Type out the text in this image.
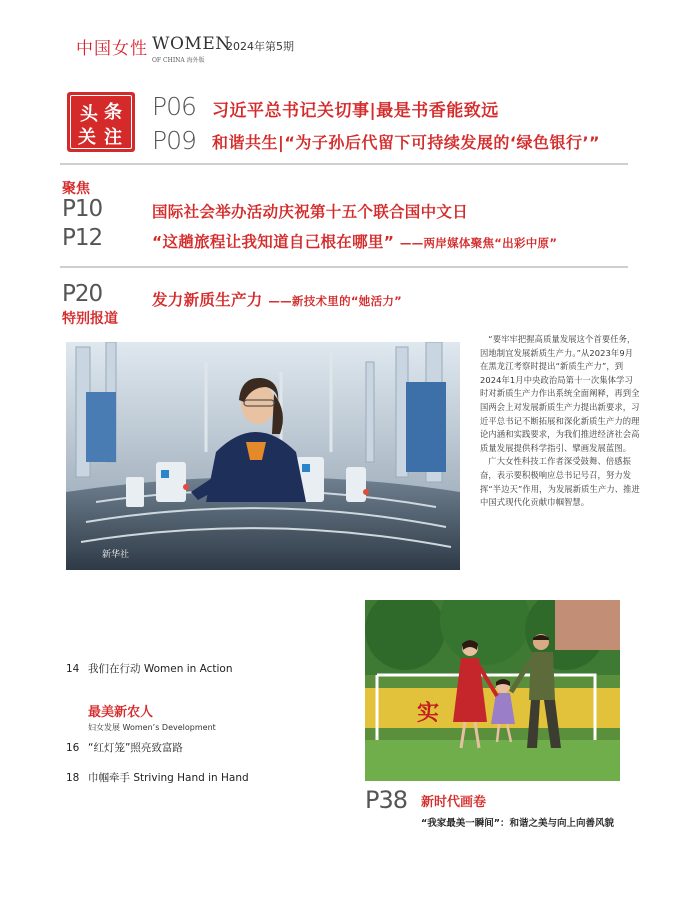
中国女性 WOMEN
OF CHINA 海外版
2024年第5期
头 条
关 注
P06 习近平总书记关切事|最是书香能致远
P09 和谐共生|“为子孙后代留下可持续发展的‘绿色银行’”
聚焦
P10	国际社会举办活动庆祝第十五个联合国中文日
P12	“这趟旅程让我知道自己根在哪里” ——两岸媒体聚焦“出彩中原”
P20
特别报道
发力新质生产力 ——新技术里的“她活力”
新华社

“要牢牢把握高质量发展这个首要任务，因地制宜发展新质生产力。”从2023年9月在黑龙江考察时提出“新质生产力”，到2024年1月中央政治局第十一次集体学习时对新质生产力作出系统全面阐释，再到全国两会上对发展新质生产力提出新要求，习近平总书记不断拓展和深化新质生产力的理论内涵和实践要求，为我们推进经济社会高质量发展提供科学指引、擘画发展蓝图。

广大女性科技工作者深受鼓舞、倍感振奋，表示要积极响应总书记号召，努力发挥“半边天”作用，为发展新质生产力、推进中国式现代化贡献巾帼智慧。

实
14 我们在行动 Women in Action
最美新农人
妇女发展 Women’s Development
16 “红灯笼”照亮致富路
18 巾帼牵手 Striving Hand in Hand
P38 新时代画卷
“我家最美一瞬间”：和谐之美与向上向善风貌
